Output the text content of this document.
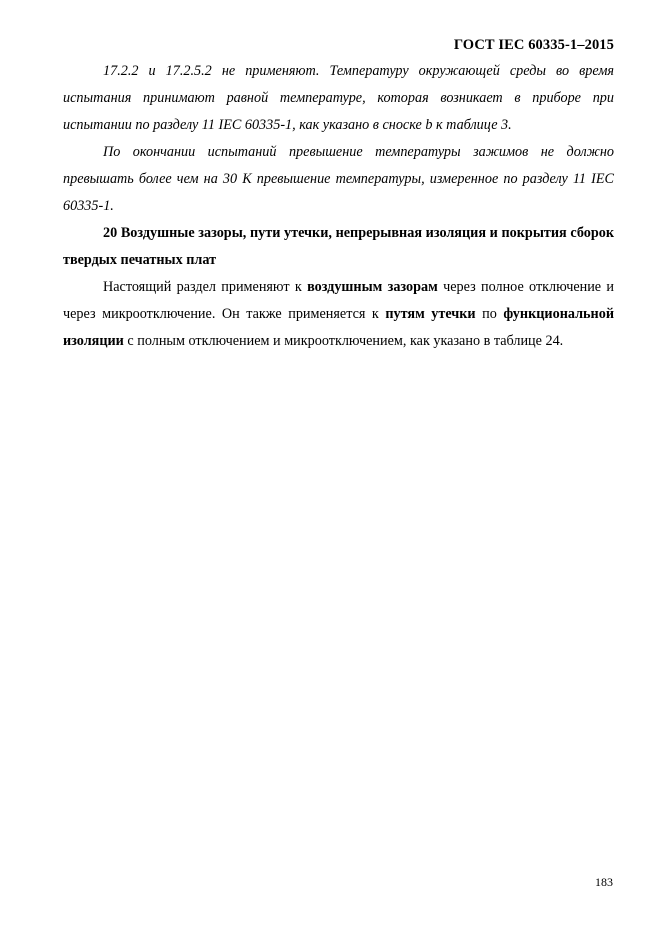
ГОСТ IEC 60335-1–2015

17.2.2 и 17.2.5.2 не применяют. Температуру окружающей среды во время испытания принимают равной температуре, которая возникает в приборе при испытании по разделу 11 IEC 60335-1, как указано в сноске b к таблице 3.

По окончании испытаний превышение температуры зажимов не должно превышать более чем на 30 К превышение температуры, измеренное по разделу 11 IEC 60335-1.

20 Воздушные зазоры, пути утечки, непрерывная изоляция и покрытия сборок твердых печатных плат

Настоящий раздел применяют к воздушным зазорам через полное отключение и через микроотключение. Он также применяется к путям утечки по функциональной изоляции с полным отключением и микроотключением, как указано в таблице 24.

183
